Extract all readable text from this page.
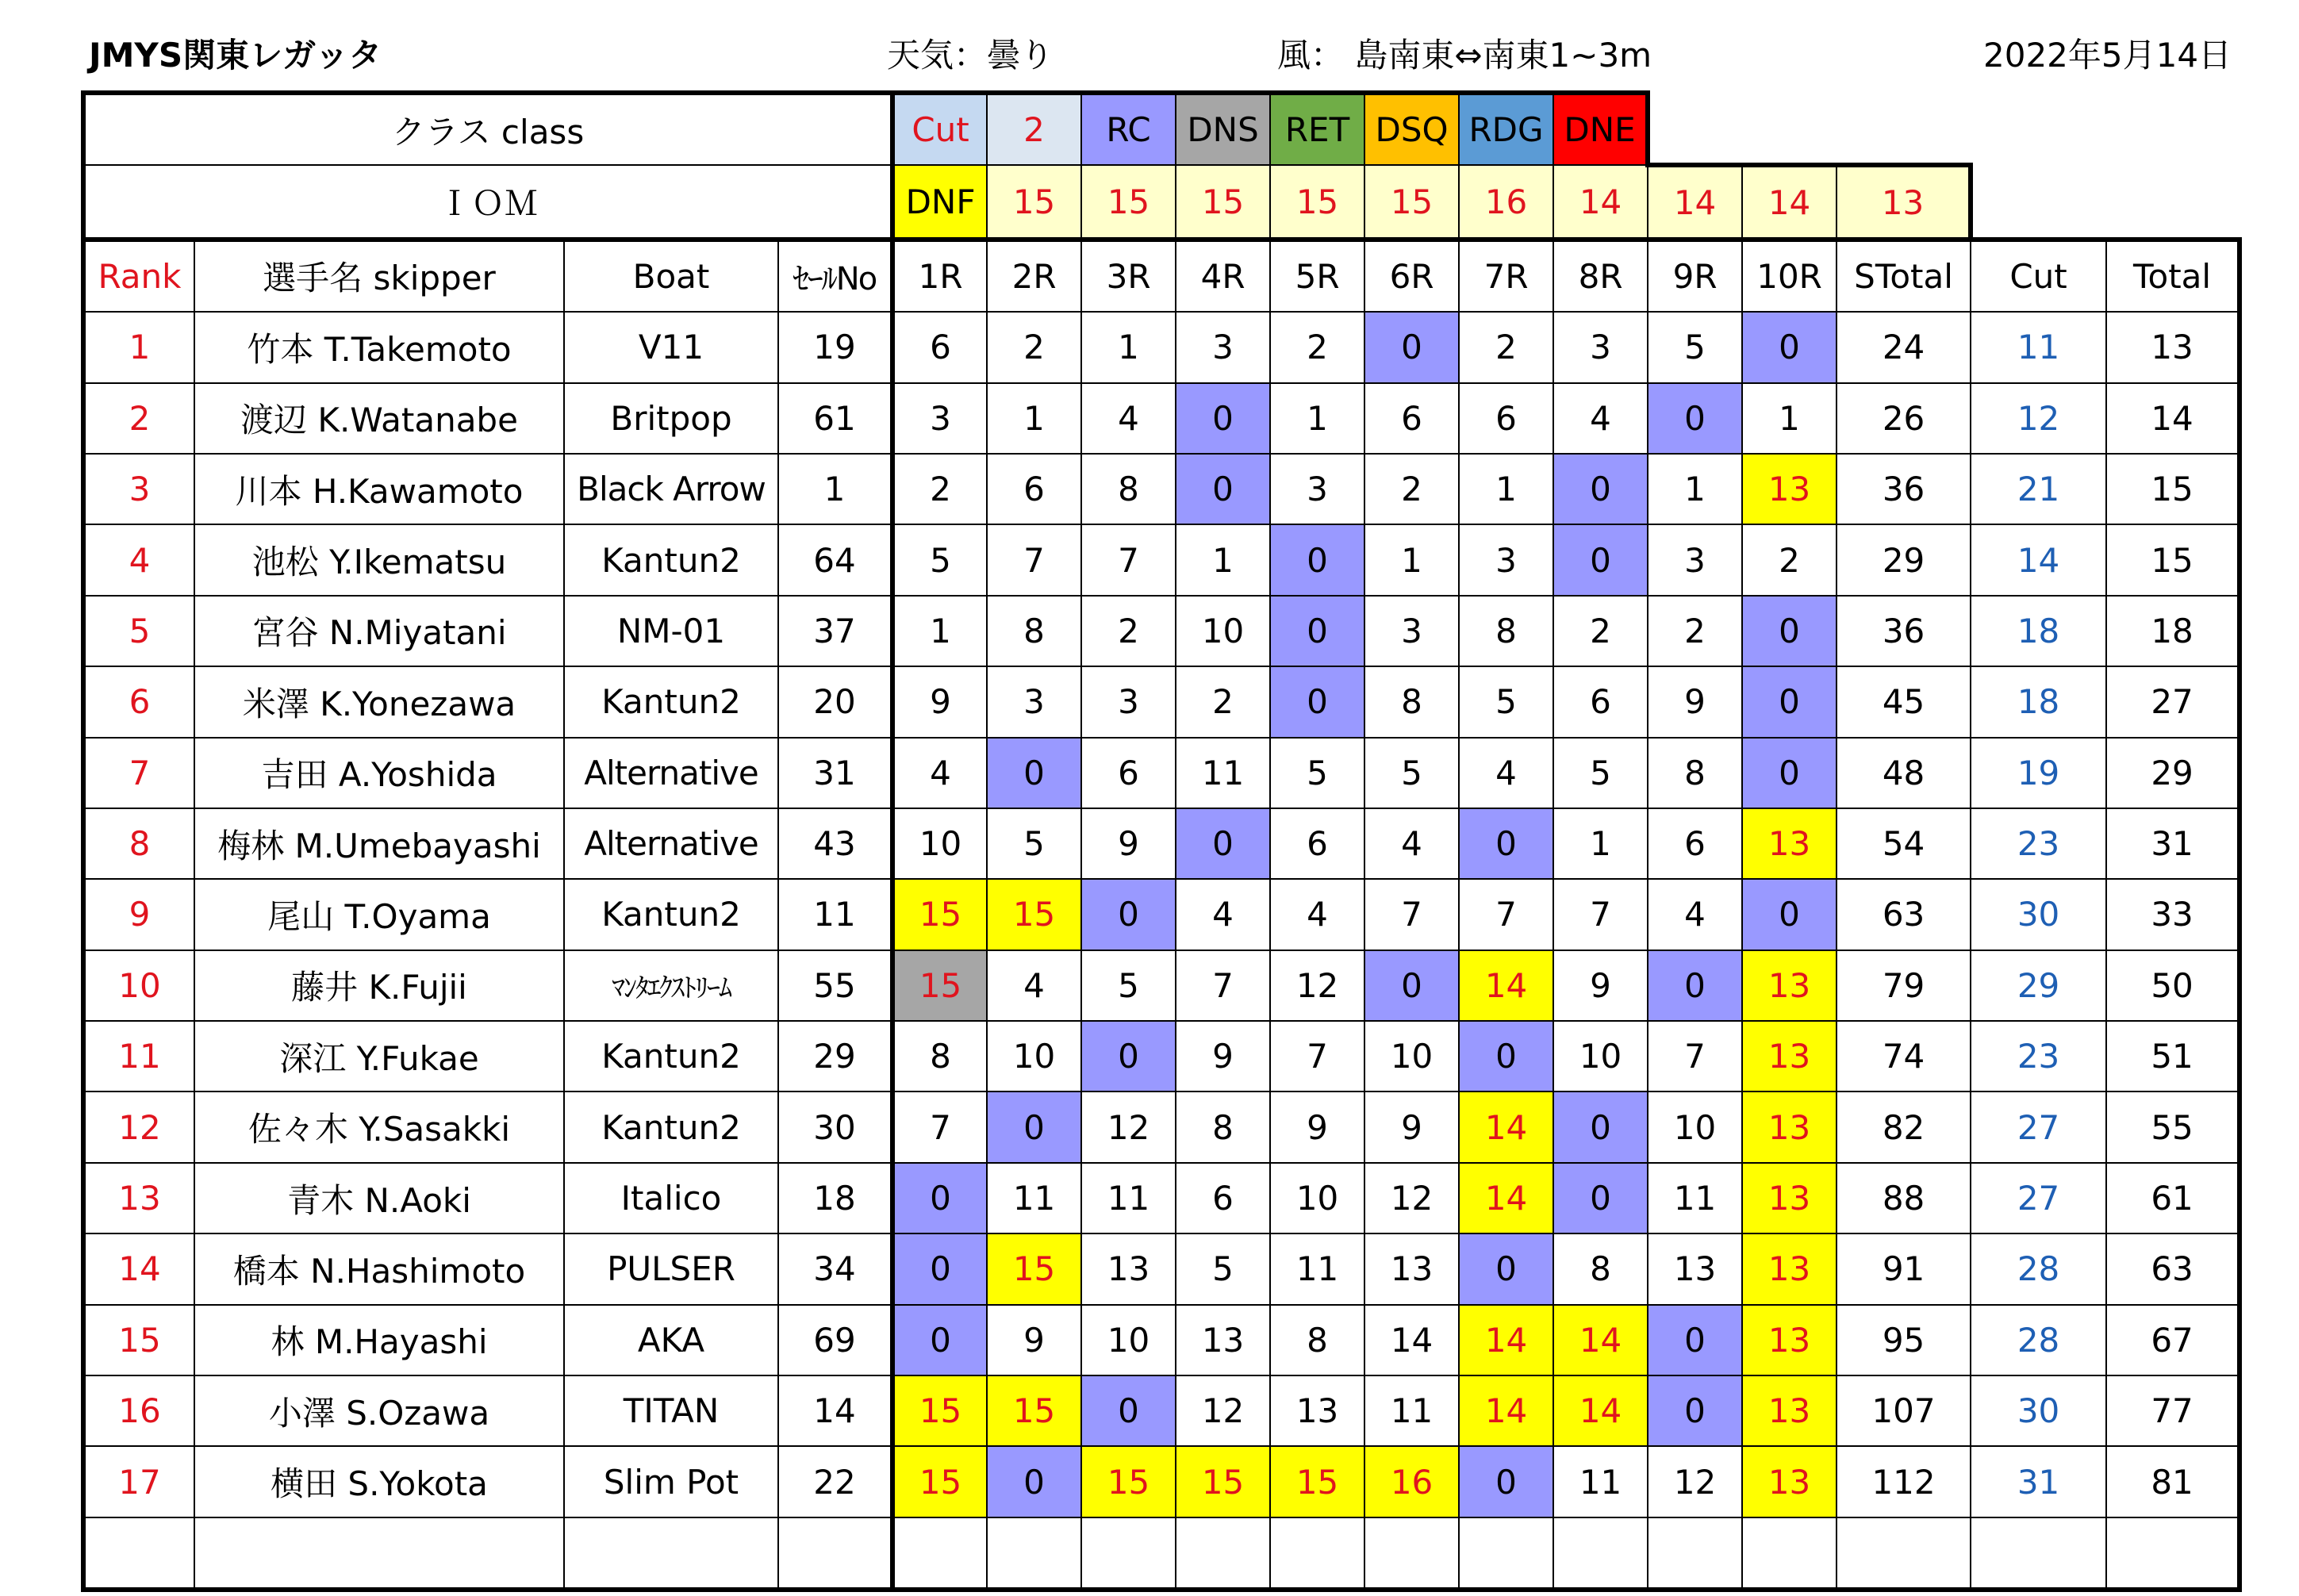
JMYS関東レガッタ	天気：曇り	風： 島南東⇔南東1~3m	2022年5月14日
クラス class				Cut	2	RC	DNS	RET	DSQ	RDG	DNE						
ＩＯＭ				DNF	15	15	15	15	15	16	14	14	14	13			
Rank	選手名 skipper	Boat	ｾｰﾙNo	1R	2R	3R	4R	5R	6R	7R	8R	9R	10R	STotal	Cut	Total	
1	竹本 T.Takemoto	V11	19	6	2	1	3	2	0	2	3	5	0	24	11	13	
2	渡辺 K.Watanabe	Britpop	61	3	1	4	0	1	6	6	4	0	1	26	12	14	
3	川本 H.Kawamoto	Black Arrow	1	2	6	8	0	3	2	1	0	1	13	36	21	15	
4	池松 Y.Ikematsu	Kantun2	64	5	7	7	1	0	1	3	0	3	2	29	14	15	
5	宮谷 N.Miyatani	NM-01	37	1	8	2	10	0	3	8	2	2	0	36	18	18	
6	米澤 K.Yonezawa	Kantun2	20	9	3	3	2	0	8	5	6	9	0	45	18	27	
7	吉田 A.Yoshida	Alternative	31	4	0	6	11	5	5	4	5	8	0	48	19	29	
8	梅林 M.Umebayashi	Alternative	43	10	5	9	0	6	4	0	1	6	13	54	23	31	
9	尾山 T.Oyama	Kantun2	11	15	15	0	4	4	7	7	7	4	0	63	30	33	
10	藤井 K.Fujii	ﾏﾝﾀｴｸｽﾄﾘｰﾑ	55	15	4	5	7	12	0	14	9	0	13	79	29	50	
11	深江 Y.Fukae	Kantun2	29	8	10	0	9	7	10	0	10	7	13	74	23	51	
12	佐々木 Y.Sasakki	Kantun2	30	7	0	12	8	9	9	14	0	10	13	82	27	55	
13	青木 N.Aoki	Italico	18	0	11	11	6	10	12	14	0	11	13	88	27	61	
14	橋本 N.Hashimoto	PULSER	34	0	15	13	5	11	13	0	8	13	13	91	28	63	
15	林 M.Hayashi	AKA	69	0	9	10	13	8	14	14	14	0	13	95	28	67	
16	小澤 S.Ozawa	TITAN	14	15	15	0	12	13	11	14	14	0	13	107	30	77	
17	横田 S.Yokota	Slim Pot	22	15	0	15	15	15	16	0	11	12	13	112	31	81	
